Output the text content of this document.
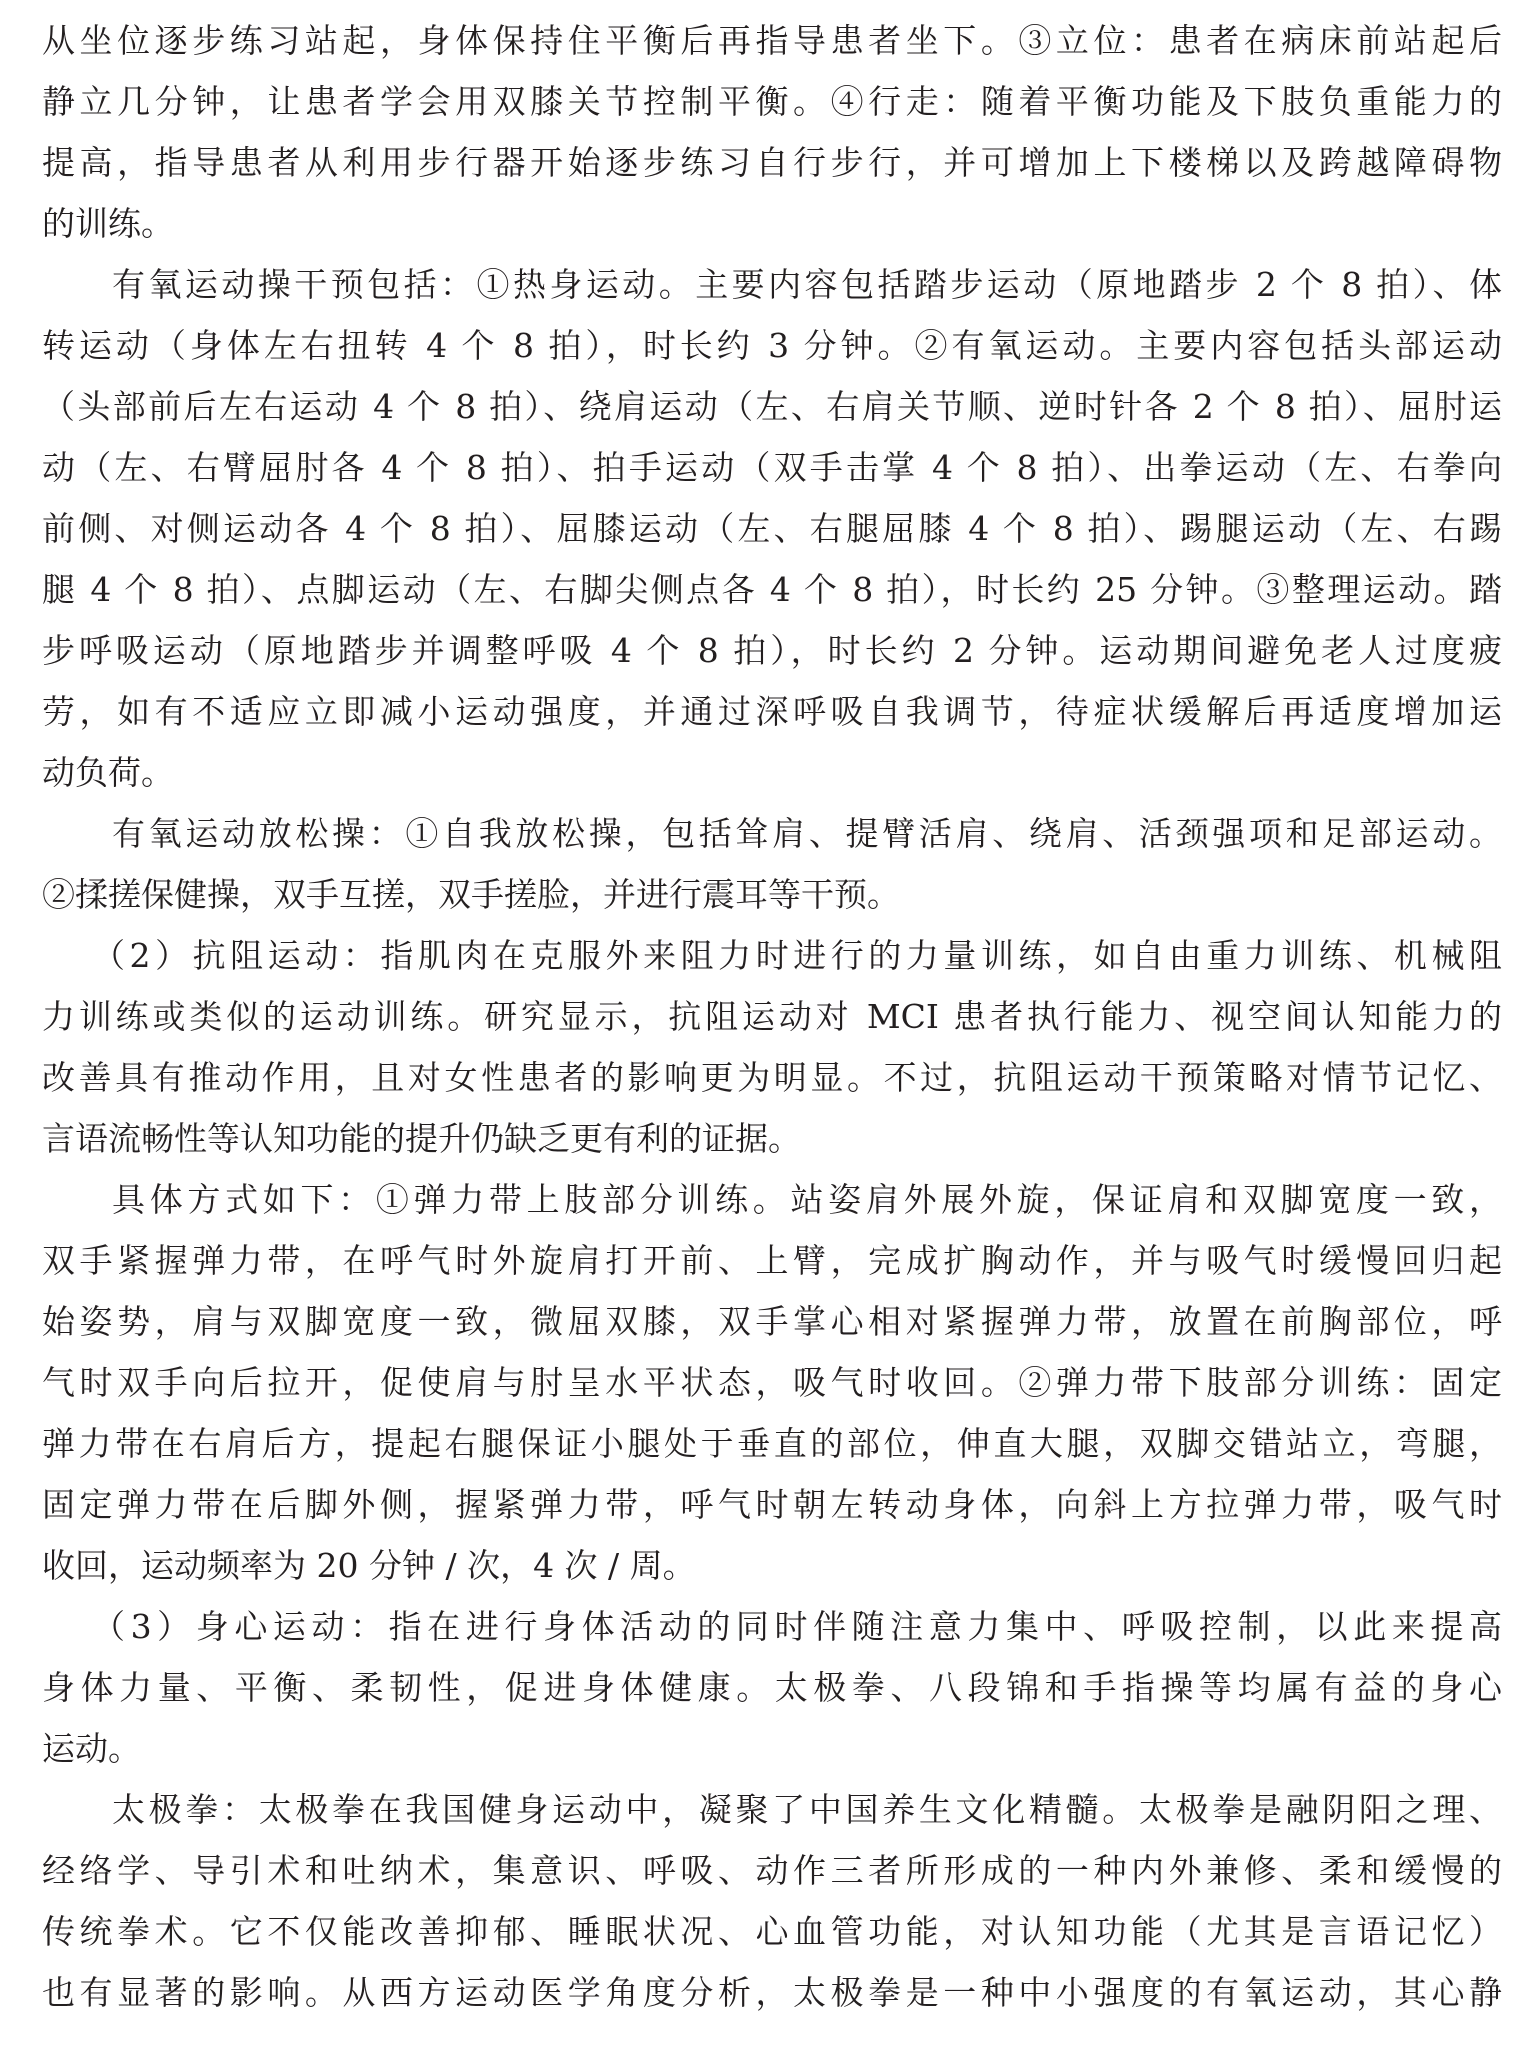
从坐位逐步练习站起，身体保持住平衡后再指导患者坐下。③立位：患者在病床前站起后
静立几分钟，让患者学会用双膝关节控制平衡。④行走：随着平衡功能及下肢负重能力的
提高，指导患者从利用步行器开始逐步练习自行步行，并可增加上下楼梯以及跨越障碍物
的训练。
有氧运动操干预包括：①热身运动。主要内容包括踏步运动（原地踏步 2 个 8 拍）、体
转运动（身体左右扭转 4 个 8 拍），时长约 3 分钟。②有氧运动。主要内容包括头部运动
（头部前后左右运动 4 个 8 拍）、绕肩运动（左、右肩关节顺、逆时针各 2 个 8 拍）、屈肘运
动（左、右臂屈肘各 4 个 8 拍）、拍手运动（双手击掌 4 个 8 拍）、出拳运动（左、右拳向
前侧、对侧运动各 4 个 8 拍）、屈膝运动（左、右腿屈膝 4 个 8 拍）、踢腿运动（左、右踢
腿 4 个 8 拍）、点脚运动（左、右脚尖侧点各 4 个 8 拍），时长约 25 分钟。③整理运动。踏
步呼吸运动（原地踏步并调整呼吸 4 个 8 拍），时长约 2 分钟。运动期间避免老人过度疲
劳，如有不适应立即减小运动强度，并通过深呼吸自我调节，待症状缓解后再适度增加运
动负荷。
有氧运动放松操：①自我放松操，包括耸肩、提臂活肩、绕肩、活颈强项和足部运动。
②揉搓保健操，双手互搓，双手搓脸，并进行震耳等干预。
（2）抗阻运动：指肌肉在克服外来阻力时进行的力量训练，如自由重力训练、机械阻
力训练或类似的运动训练。研究显示，抗阻运动对 MCI 患者执行能力、视空间认知能力的
改善具有推动作用，且对女性患者的影响更为明显。不过，抗阻运动干预策略对情节记忆、
言语流畅性等认知功能的提升仍缺乏更有利的证据。
具体方式如下：①弹力带上肢部分训练。站姿肩外展外旋，保证肩和双脚宽度一致，
双手紧握弹力带，在呼气时外旋肩打开前、上臂，完成扩胸动作，并与吸气时缓慢回归起
始姿势，肩与双脚宽度一致，微屈双膝，双手掌心相对紧握弹力带，放置在前胸部位，呼
气时双手向后拉开，促使肩与肘呈水平状态，吸气时收回。②弹力带下肢部分训练：固定
弹力带在右肩后方，提起右腿保证小腿处于垂直的部位，伸直大腿，双脚交错站立，弯腿，
固定弹力带在后脚外侧，握紧弹力带，呼气时朝左转动身体，向斜上方拉弹力带，吸气时
收回，运动频率为 20 分钟 / 次，4 次 / 周。
（3）身心运动：指在进行身体活动的同时伴随注意力集中、呼吸控制，以此来提高
身体力量、平衡、柔韧性，促进身体健康。太极拳、八段锦和手指操等均属有益的身心
运动。
太极拳：太极拳在我国健身运动中，凝聚了中国养生文化精髓。太极拳是融阴阳之理、
经络学、导引术和吐纳术，集意识、呼吸、动作三者所形成的一种内外兼修、柔和缓慢的
传统拳术。它不仅能改善抑郁、睡眠状况、心血管功能，对认知功能（尤其是言语记忆）
也有显著的影响。从西方运动医学角度分析，太极拳是一种中小强度的有氧运动，其心静
